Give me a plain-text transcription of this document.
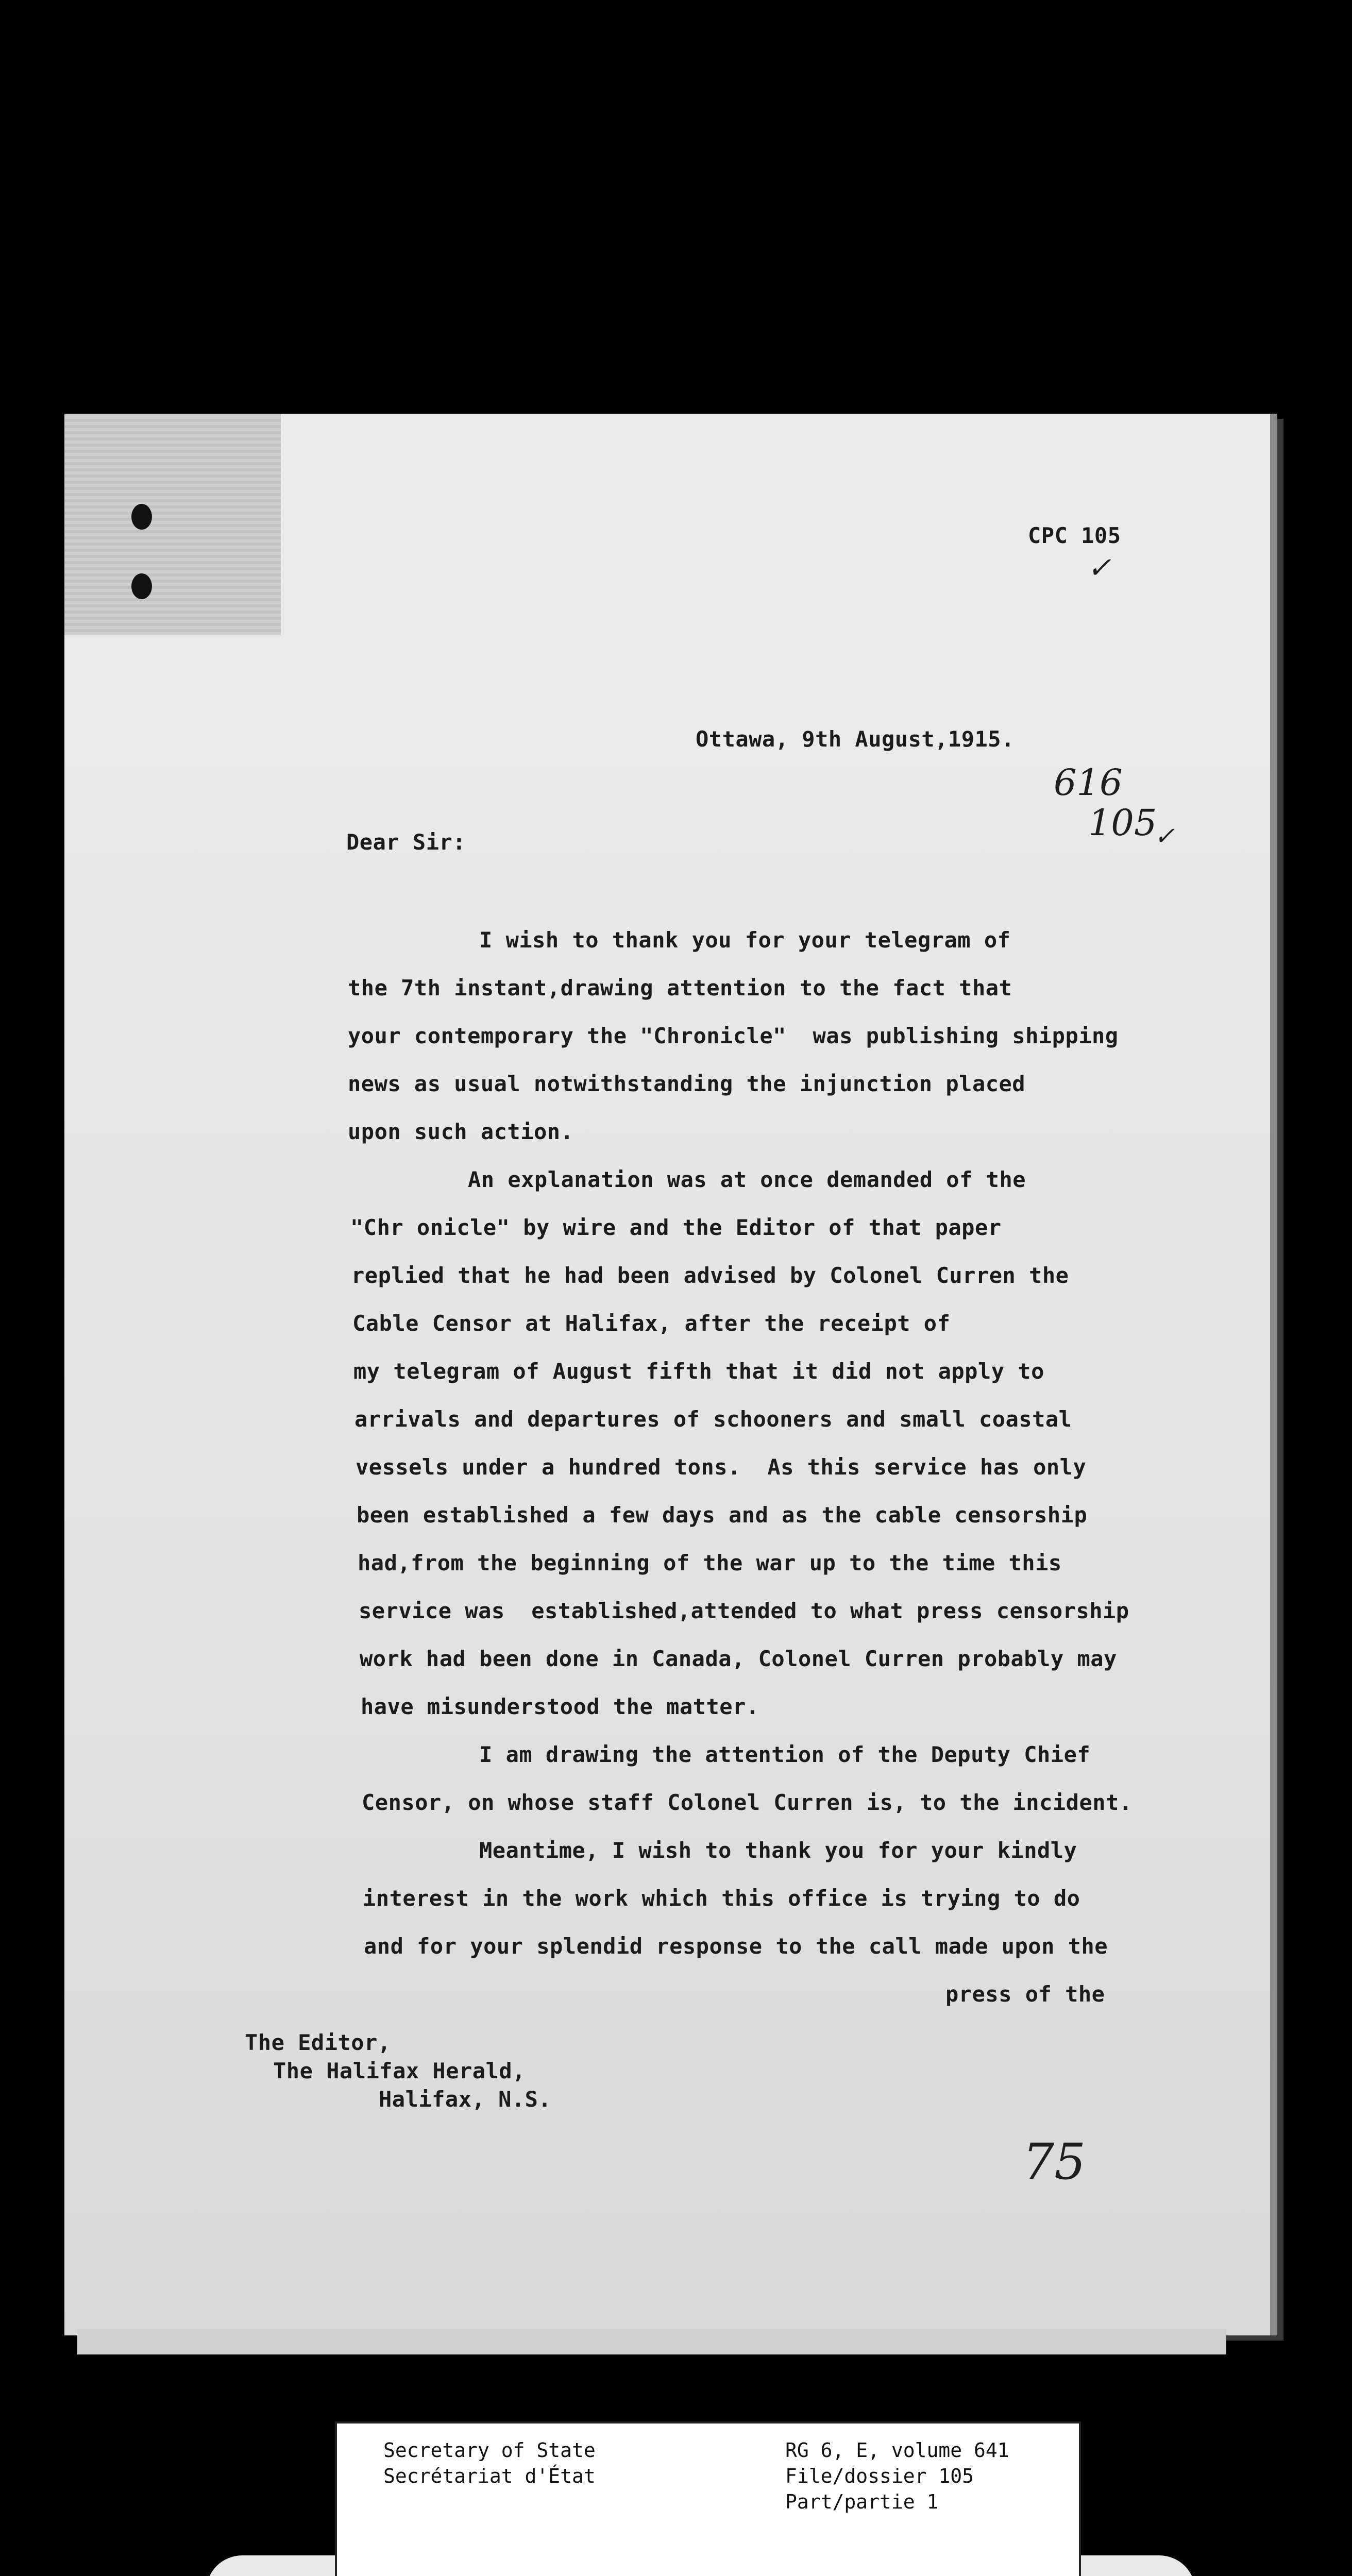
CPC 105
✓
Ottawa, 9th August,1915.
616
105
✓
Dear Sir:
I wish to thank you for your telegram of
the 7th instant,drawing attention to the fact that
your contemporary the "Chronicle"  was publishing shipping
news as usual notwithstanding the injunction placed
upon such action.
An explanation was at once demanded of the
"Chr onicle" by wire and the Editor of that paper
replied that he had been advised by Colonel Curren the
Cable Censor at Halifax, after the receipt of
my telegram of August fifth that it did not apply to
arrivals and departures of schooners and small coastal
vessels under a hundred tons.  As this service has only
been established a few days and as the cable censorship
had,from the beginning of the war up to the time this
service was  established,attended to what press censorship
work had been done in Canada, Colonel Curren probably may
have misunderstood the matter.
I am drawing the attention of the Deputy Chief
Censor, on whose staff Colonel Curren is, to the incident.
Meantime, I wish to thank you for your kindly
interest in the work which this office is trying to do
and for your splendid response to the call made upon the
press of the
The Editor,
The Halifax Herald,
Halifax, N.S.
75
Secretary of State
Secrétariat d'État
RG 6, E, volume 641
File/dossier 105
Part/partie 1
